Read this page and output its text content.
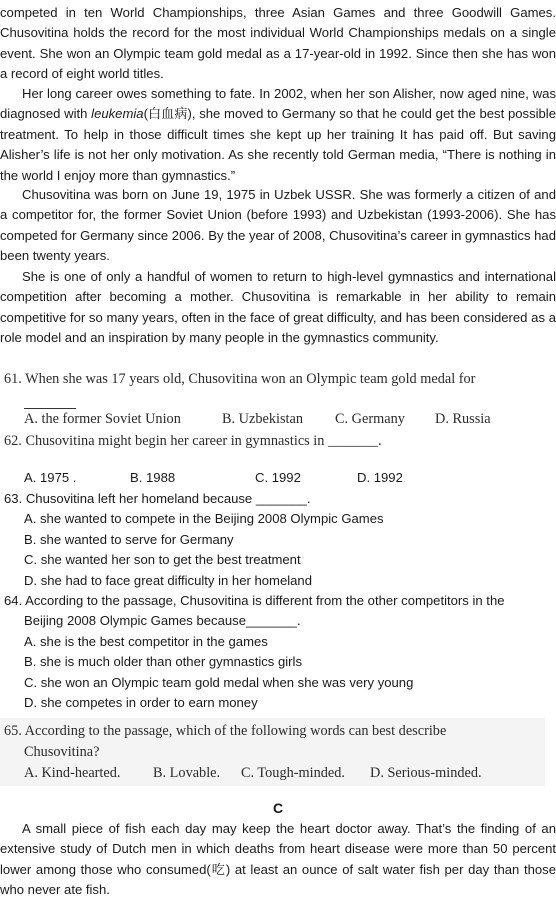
competed in ten World Championships, three Asian Games and three Goodwill Games. Chusovitina holds the record for the most individual World Championships medals on a single event. She won an Olympic team gold medal as a 17-year-old in 1992. Since then she has won a record of eight world titles.

Her long career owes something to fate. In 2002, when her son Alisher, now aged nine, was diagnosed with leukemia(白血病), she moved to Germany so that he could get the best possible treatment. To help in those difficult times she kept up her training It has paid off. But saving Alisher’s life is not her only motivation. As she recently told German media, “There is nothing in the world I enjoy more than gymnastics.”

Chusovitina was born on June 19, 1975 in Uzbek USSR. She was formerly a citizen of and a competitor for, the former Soviet Union (before 1993) and Uzbekistan (1993-2006). She has competed for Germany since 2006. By the year of 2008, Chusovitina’s career in gymnastics had been twenty years.

She is one of only a handful of women to return to high-level gymnastics and international competition after becoming a mother. Chusovitina is remarkable in her ability to remain competitive for so many years, often in the face of great difficulty, and has been considered as a role model and an inspiration by many people in the gymnastics community.

61. When she was 17 years old, Chusovitina won an Olympic team gold medal for
A. the former Soviet Union	B. Uzbekistan C. Germany D. Russia
62. Chusovitina might begin her career in gymnastics in _______.
A. 1975 .	B. 1988	C. 1992	D. 1992
63. Chusovitina left her homeland because _______.
A. she wanted to compete in the Beijing 2008 Olympic Games
B. she wanted to serve for Germany
C. she wanted her son to get the best treatment
D. she had to face great difficulty in her homeland
64. According to the passage, Chusovitina is different from the other competitors in the
Beijing 2008 Olympic Games because_______.
A. she is the best competitor in the games
B. she is much older than other gymnastics girls
C. she won an Olympic team gold medal when she was very young
D. she competes in order to earn money
65. According to the passage, which of the following words can best describe
Chusovitina?
A. Kind-hearted. B. Lovable. C. Tough-minded. D. Serious-minded.
C

A small piece of fish each day may keep the heart doctor away. That’s the finding of an extensive study of Dutch men in which deaths from heart disease were more than 50 percent lower among those who consumed(吃) at least an ounce of salt water fish per day than those who never ate fish.
